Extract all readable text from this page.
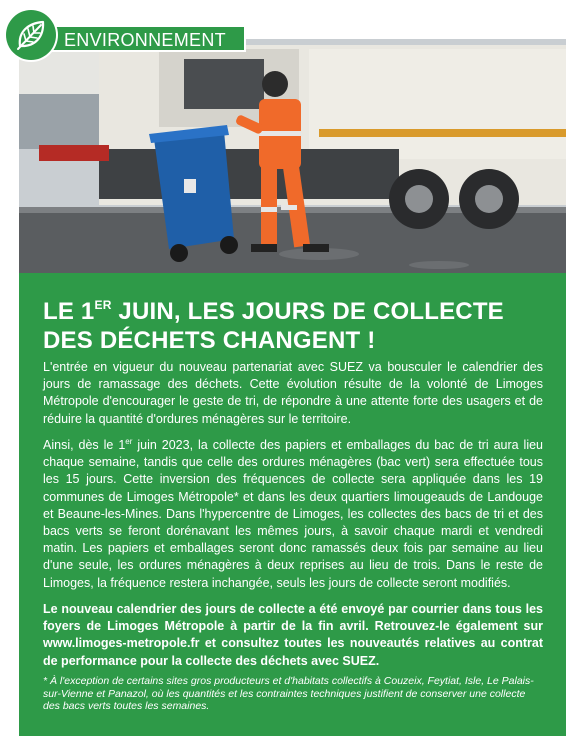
ENVIRONNEMENT
LE 1ER JUIN, LES JOURS DE COLLECTE DES DÉCHETS CHANGENT !

L'entrée en vigueur du nouveau partenariat avec SUEZ va bousculer le calendrier des jours de ramassage des déchets. Cette évolution résulte de la volonté de Limoges Métropole d'encourager le geste de tri, de répondre à une attente forte des usagers et de réduire la quantité d'ordures ménagères sur le territoire.

Ainsi, dès le 1er juin 2023, la collecte des papiers et emballages du bac de tri aura lieu chaque semaine, tandis que celle des ordures ménagères (bac vert) sera effectuée tous les 15 jours. Cette inversion des fréquences de collecte sera appliquée dans les 19 communes de Limoges Métropole* et dans les deux quartiers limougeauds de Landouge et Beaune-les-Mines. Dans l'hypercentre de Limoges, les collectes des bacs de tri et des bacs verts se feront dorénavant les mêmes jours, à savoir chaque mardi et vendredi matin. Les papiers et emballages seront donc ramassés deux fois par semaine au lieu d'une seule, les ordures ménagères à deux reprises au lieu de trois. Dans le reste de Limoges, la fréquence restera inchangée, seuls les jours de collecte seront modifiés.

Le nouveau calendrier des jours de collecte a été envoyé par courrier dans tous les foyers de Limoges Métropole à partir de la fin avril. Retrouvez-le également sur www.limoges-metropole.fr et consultez toutes les nouveautés relatives au contrat de performance pour la collecte des déchets avec SUEZ.

* À l'exception de certains sites gros producteurs et d'habitats collectifs à Couzeix, Feytiat, Isle, Le Palais-sur-Vienne et Panazol, où les quantités et les contraintes techniques justifient de conserver une collecte des bacs verts toutes les semaines.
